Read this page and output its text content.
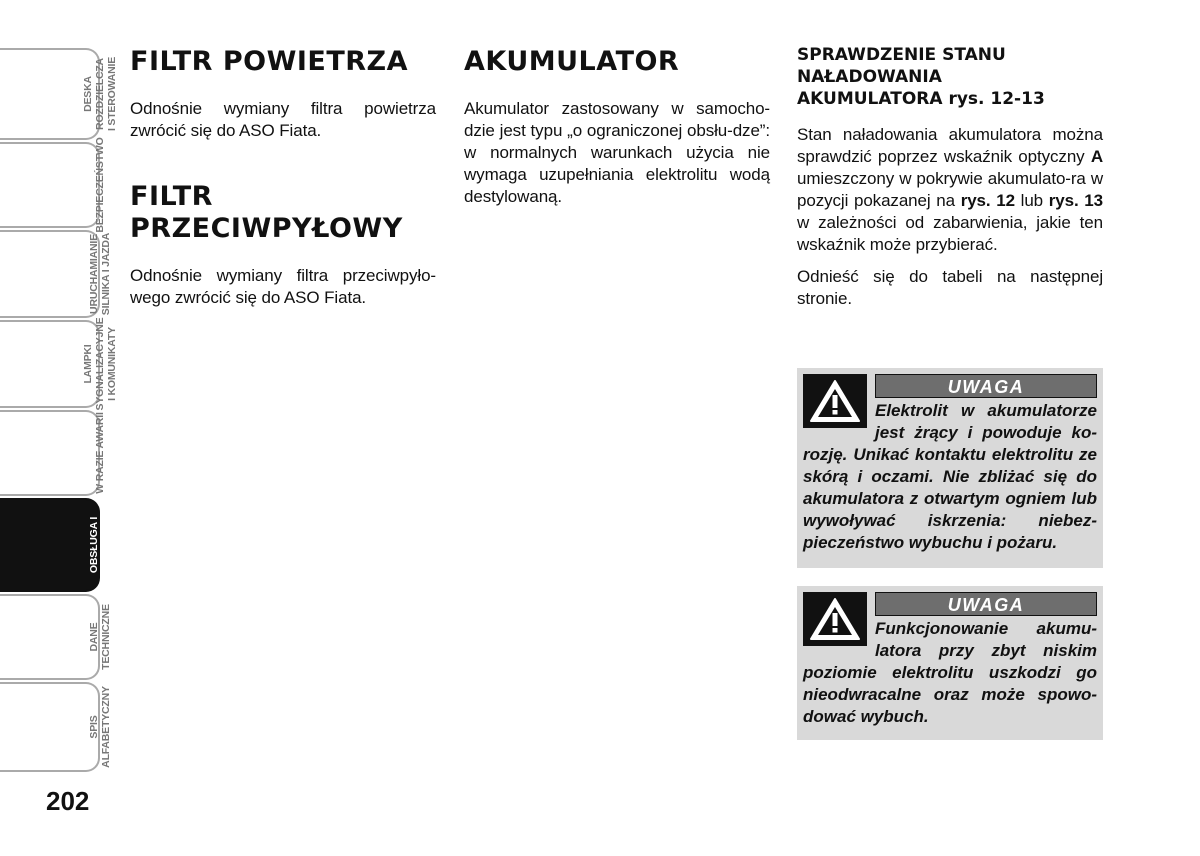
DESKA
ROZDZIELCZA
I STEROWANIE
BEZPIECZEŃSTWO
URUCHAMIANIE
SILNIKA I JAZDA
LAMPKI
SYGNALIZACYJNE
I KOMUNIKATY
W RAZIE AWARII
OBSŁUGA I
KONSERWACJA
DANE
TECHNICZNE
SPIS
ALFABETYCZNY
202
FILTR POWIETRZA

Odnośnie wymiany filtra powietrza zwrócić się do ASO Fiata.

FILTR
PRZECIWPYŁOWY

Odnośnie wymiany filtra przeciwpyło-wego zwrócić się do ASO Fiata.

AKUMULATOR

Akumulator zastosowany w samocho-dzie jest typu „o ograniczonej obsłu-dze”: w normalnych warunkach użycia nie wymaga uzupełniania elektrolitu wodą destylowaną.

SPRAWDZENIE STANU
NAŁADOWANIA
AKUMULATORA rys. 12-13

Stan naładowania akumulatora można sprawdzić poprzez wskaźnik optyczny A umieszczony w pokrywie akumulato-ra w pozycji pokazanej na rys. 12 lub rys. 13 w zależności od zabarwienia, jakie ten wskaźnik może przybierać.

Odnieść się do tabeli na następnej stronie.

UWAGA
Elektrolit w akumulatorze jest żrący i powoduje ko-rozję. Unikać kontaktu elektrolitu ze skórą i oczami. Nie zbliżać się do akumulatora z otwartym ogniem lub wywoływać iskrzenia: niebez-pieczeństwo wybuchu i pożaru.
UWAGA
Funkcjonowanie akumu-latora przy zbyt niskim poziomie elektrolitu uszkodzi go nieodwracalne oraz może spowo-dować wybuch.
